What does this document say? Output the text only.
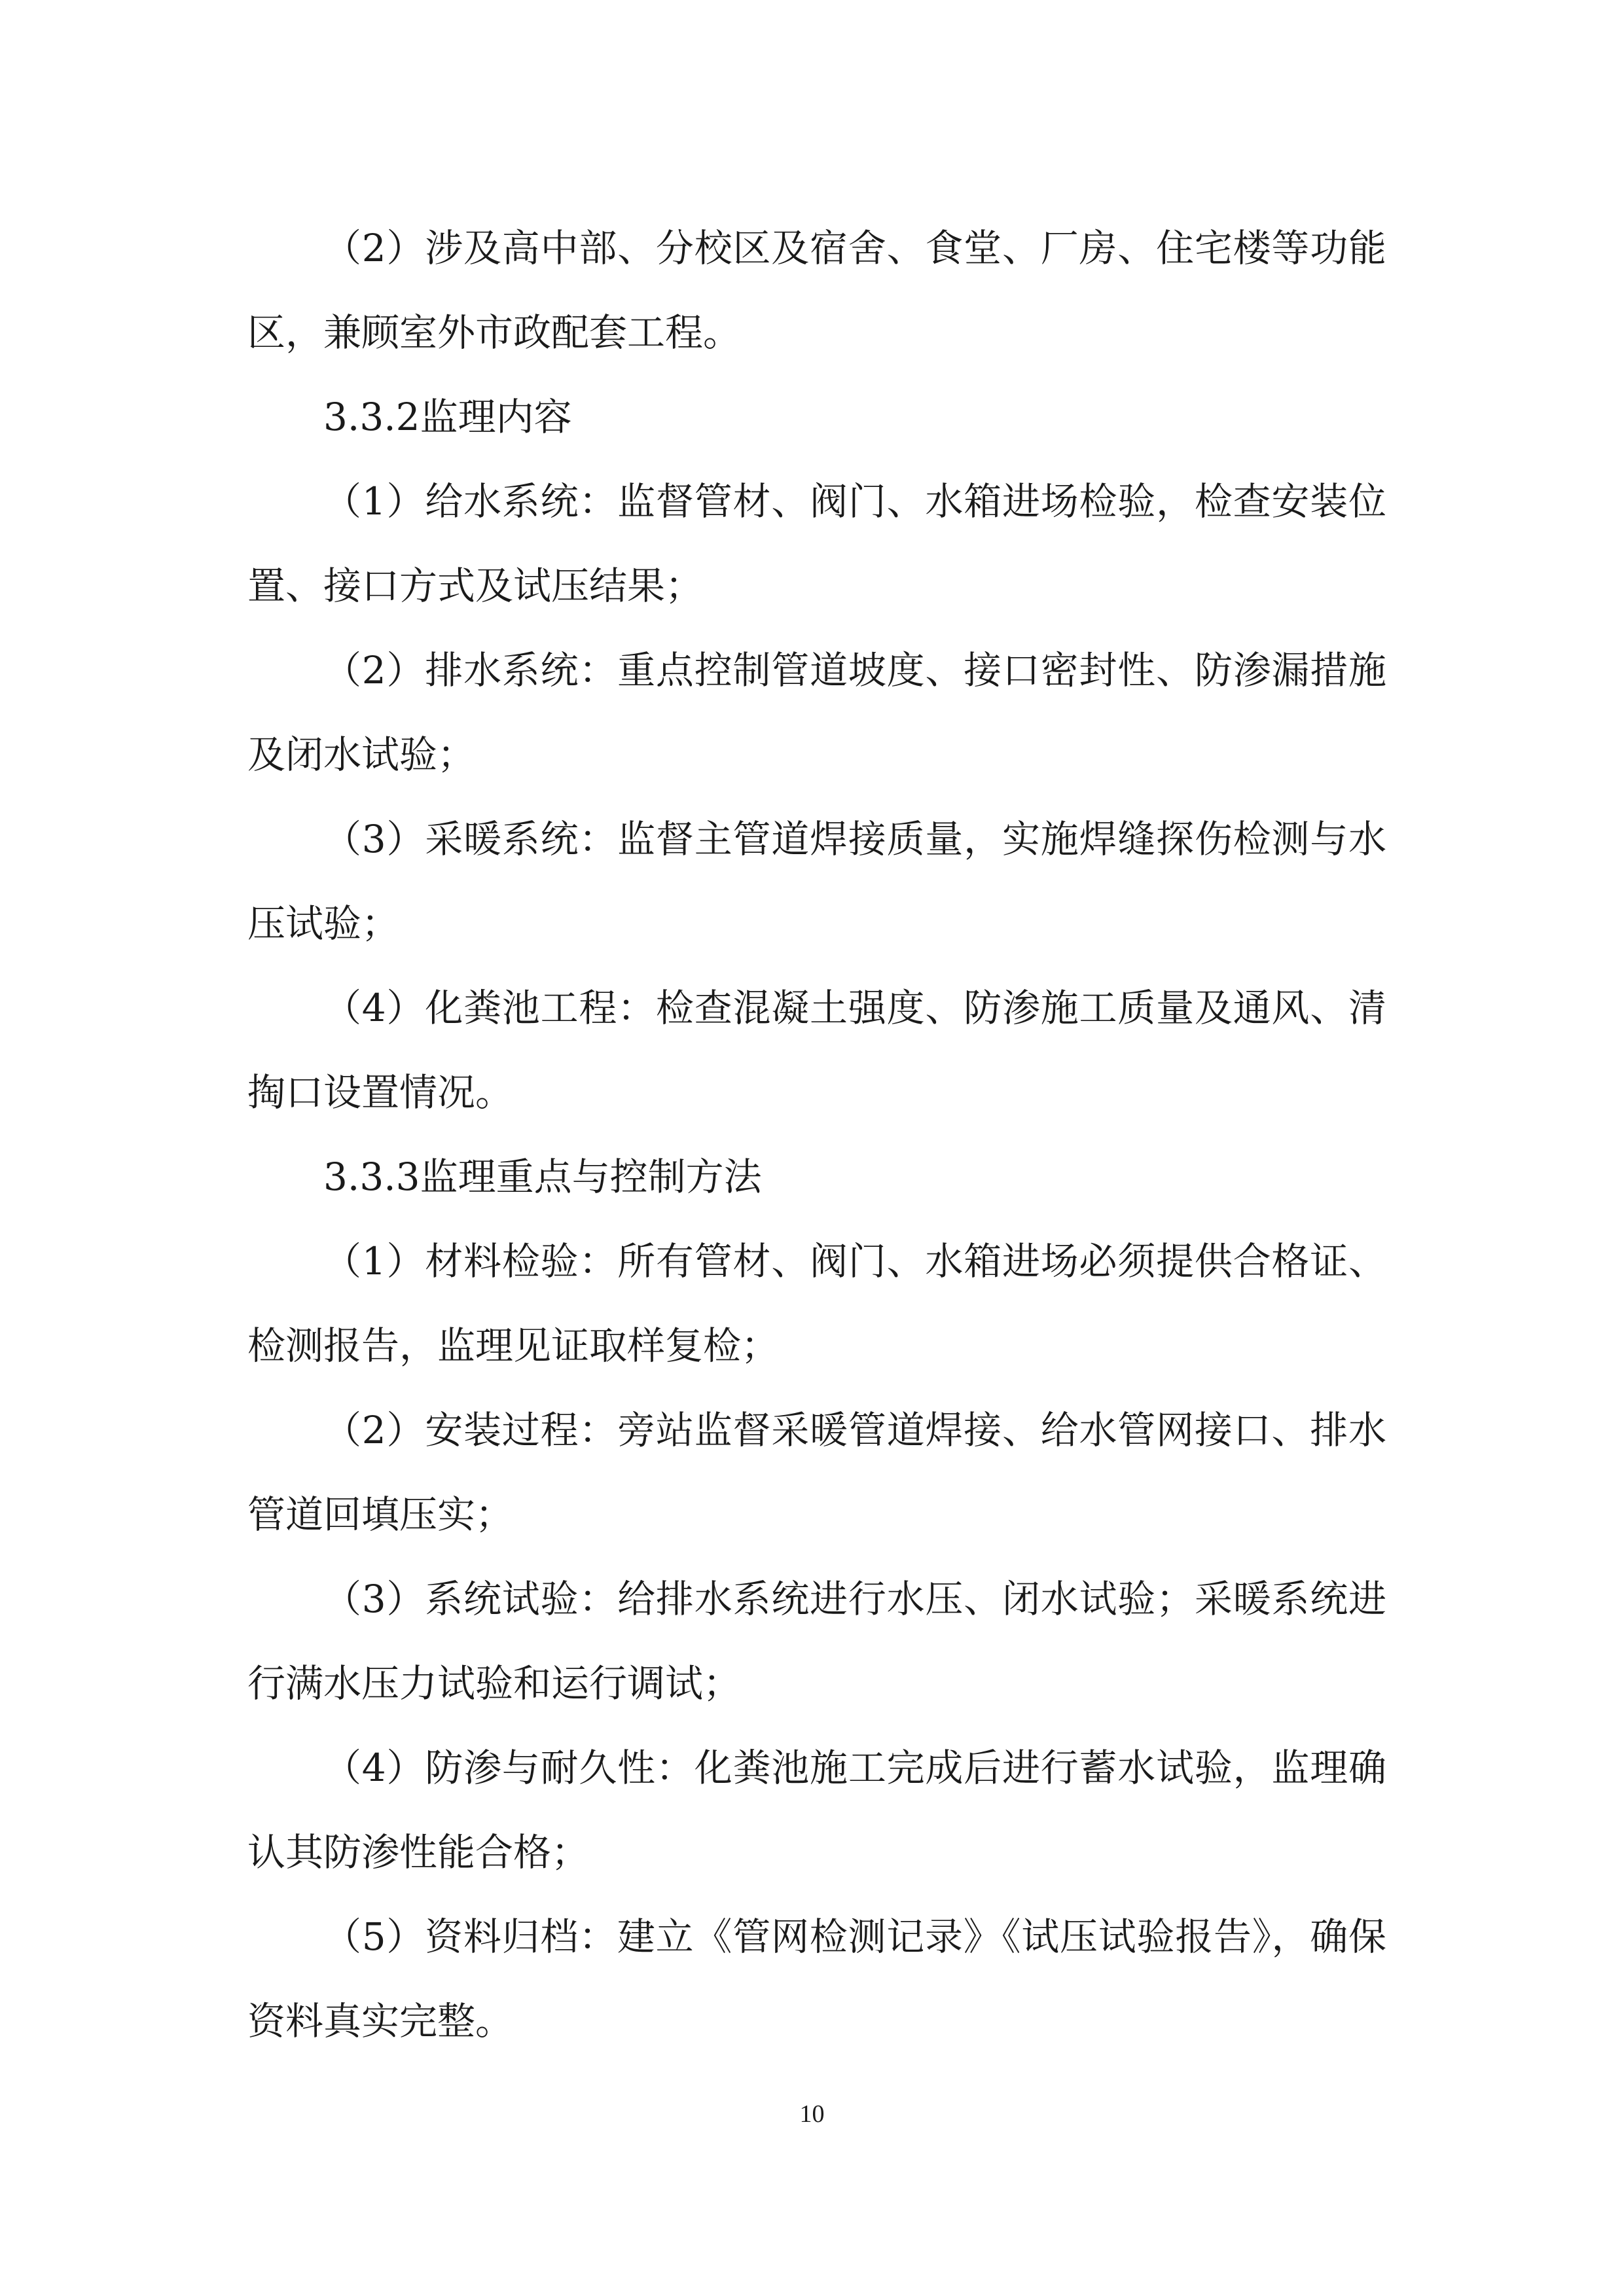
（2）涉及高中部、分校区及宿舍、食堂、厂房、住宅楼等功能区，兼顾室外市政配套工程。

3.3.2监理内容

（1）给水系统：监督管材、阀门、水箱进场检验，检查安装位置、接口方式及试压结果；

（2）排水系统：重点控制管道坡度、接口密封性、防渗漏措施及闭水试验；

（3）采暖系统：监督主管道焊接质量，实施焊缝探伤检测与水压试验；

（4）化粪池工程：检查混凝土强度、防渗施工质量及通风、清掏口设置情况。

3.3.3监理重点与控制方法

（1）材料检验：所有管材、阀门、水箱进场必须提供合格证、检测报告，监理见证取样复检；

（2）安装过程：旁站监督采暖管道焊接、给水管网接口、排水管道回填压实；

（3）系统试验：给排水系统进行水压、闭水试验；采暖系统进行满水压力试验和运行调试；

（4）防渗与耐久性：化粪池施工完成后进行蓄水试验，监理确认其防渗性能合格；

（5）资料归档：建立《管网检测记录》《试压试验报告》，确保资料真实完整。

10
